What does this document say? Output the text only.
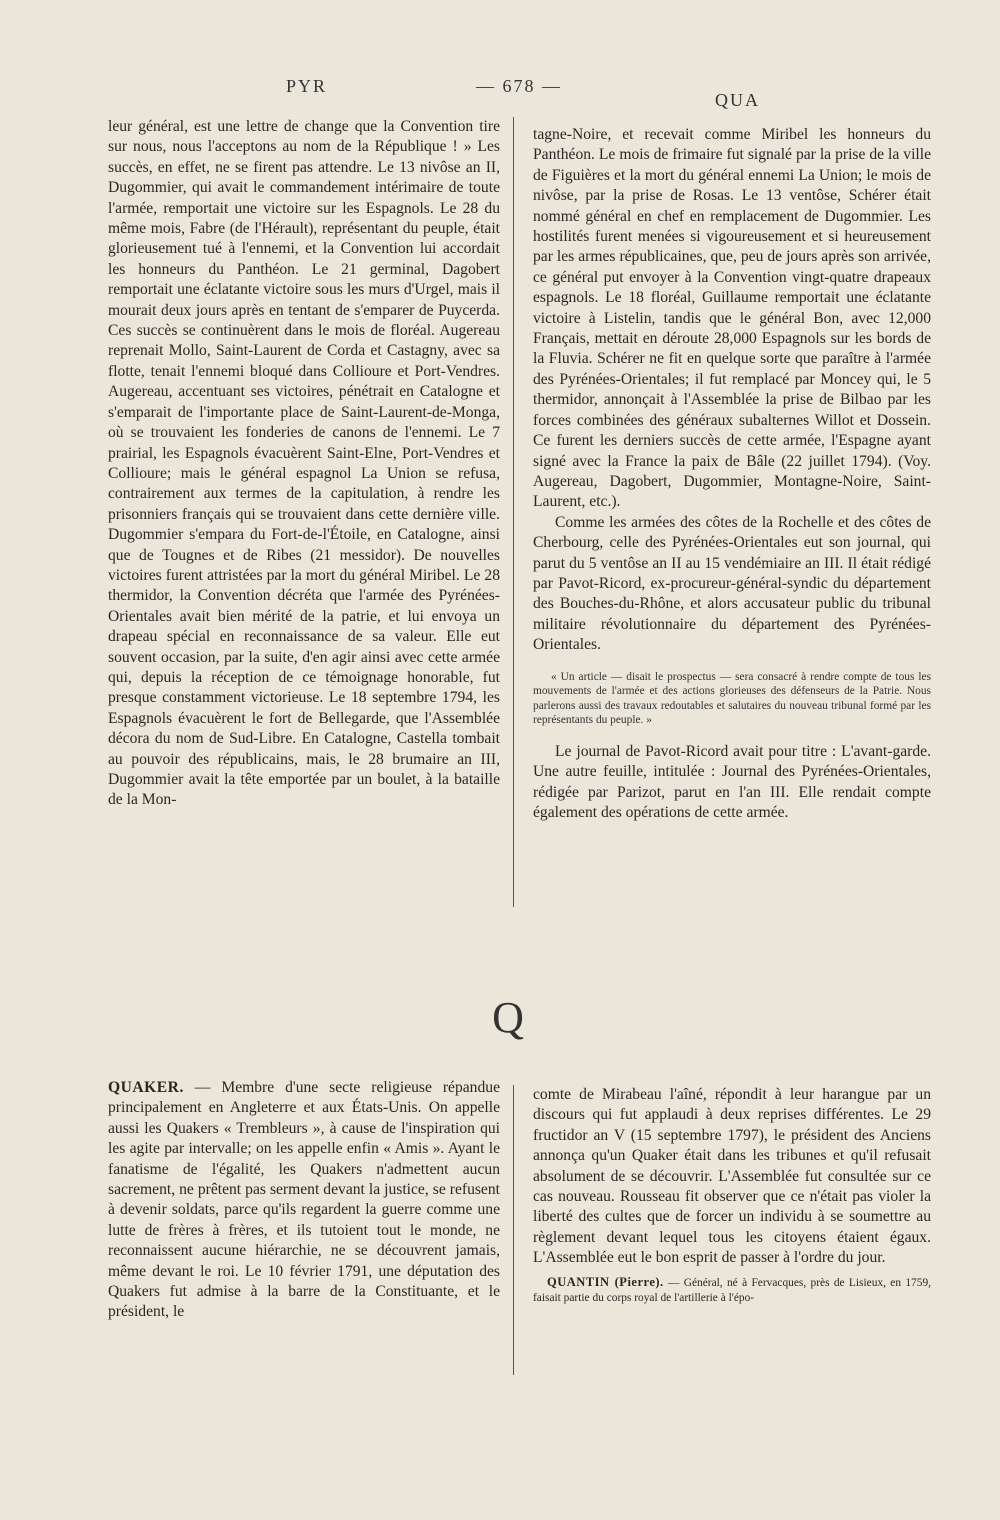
PYR	— 678 —
QUA

leur général, est une lettre de change que la Convention tire sur nous, nous l'acceptons au nom de la République ! » Les succès, en effet, ne se firent pas attendre. Le 13 nivôse an II, Dugommier, qui avait le commandement intérimaire de toute l'armée, remportait une victoire sur les Espagnols. Le 28 du même mois, Fabre (de l'Hérault), représentant du peuple, était glorieusement tué à l'ennemi, et la Convention lui accordait les honneurs du Panthéon. Le 21 germinal, Dagobert remportait une éclatante victoire sous les murs d'Urgel, mais il mourait deux jours après en tentant de s'emparer de Puycerda. Ces succès se continuèrent dans le mois de floréal. Augereau reprenait Mollo, Saint-Laurent de Corda et Castagny, avec sa flotte, tenait l'ennemi bloqué dans Collioure et Port-Vendres. Augereau, accentuant ses victoires, pénétrait en Catalogne et s'emparait de l'importante place de Saint-Laurent-de-Monga, où se trouvaient les fonderies de canons de l'ennemi. Le 7 prairial, les Espagnols évacuèrent Saint-Elne, Port-Vendres et Collioure; mais le général espagnol La Union se refusa, contrairement aux termes de la capitulation, à rendre les prisonniers français qui se trouvaient dans cette dernière ville. Dugommier s'empara du Fort-de-l'Étoile, en Catalogne, ainsi que de Tougnes et de Ribes (21 messidor). De nouvelles victoires furent attristées par la mort du général Miribel. Le 28 thermidor, la Convention décréta que l'armée des Pyrénées-Orientales avait bien mérité de la patrie, et lui envoya un drapeau spécial en reconnaissance de sa valeur. Elle eut souvent occasion, par la suite, d'en agir ainsi avec cette armée qui, depuis la réception de ce témoignage honorable, fut presque constamment victorieuse. Le 18 septembre 1794, les Espagnols évacuèrent le fort de Bellegarde, que l'Assemblée décora du nom de Sud-Libre. En Catalogne, Castella tombait au pouvoir des républicains, mais, le 28 brumaire an III, Dugommier avait la tête emportée par un boulet, à la bataille de la Mon-

tagne-Noire, et recevait comme Miribel les honneurs du Panthéon. Le mois de frimaire fut signalé par la prise de la ville de Figuières et la mort du général ennemi La Union; le mois de nivôse, par la prise de Rosas. Le 13 ventôse, Schérer était nommé général en chef en remplacement de Dugommier. Les hostilités furent menées si vigoureusement et si heureusement par les armes républicaines, que, peu de jours après son arrivée, ce général put envoyer à la Convention vingt-quatre drapeaux espagnols. Le 18 floréal, Guillaume remportait une éclatante victoire à Listelin, tandis que le général Bon, avec 12,000 Français, mettait en déroute 28,000 Espagnols sur les bords de la Fluvia. Schérer ne fit en quelque sorte que paraître à l'armée des Pyrénées-Orientales; il fut remplacé par Moncey qui, le 5 thermidor, annonçait à l'Assemblée la prise de Bilbao par les forces combinées des généraux subalternes Willot et Dossein. Ce furent les derniers succès de cette armée, l'Espagne ayant signé avec la France la paix de Bâle (22 juillet 1794). (Voy. Augereau, Dagobert, Dugommier, Montagne-Noire, Saint-Laurent, etc.).

Comme les armées des côtes de la Rochelle et des côtes de Cherbourg, celle des Pyrénées-Orientales eut son journal, qui parut du 5 ventôse an II au 15 vendémiaire an III. Il était rédigé par Pavot-Ricord, ex-procureur-général-syndic du département des Bouches-du-Rhône, et alors accusateur public du tribunal militaire révolutionnaire du département des Pyrénées-Orientales.

« Un article — disait le prospectus — sera consacré à rendre compte de tous les mouvements de l'armée et des actions glorieuses des défenseurs de la Patrie. Nous parlerons aussi des travaux redoutables et salutaires du nouveau tribunal formé par les représentants du peuple. »

Le journal de Pavot-Ricord avait pour titre : L'avant-garde. Une autre feuille, intitulée : Journal des Pyrénées-Orientales, rédigée par Parizot, parut en l'an III. Elle rendait compte également des opérations de cette armée.

Q

QUAKER. — Membre d'une secte religieuse répandue principalement en Angleterre et aux États-Unis. On appelle aussi les Quakers « Trembleurs », à cause de l'inspiration qui les agite par intervalle; on les appelle enfin « Amis ». Ayant le fanatisme de l'égalité, les Quakers n'admettent aucun sacrement, ne prêtent pas serment devant la justice, se refusent à devenir soldats, parce qu'ils regardent la guerre comme une lutte de frères à frères, et ils tutoient tout le monde, ne reconnaissent aucune hiérarchie, ne se découvrent jamais, même devant le roi. Le 10 février 1791, une députation des Quakers fut admise à la barre de la Constituante, et le président, le

comte de Mirabeau l'aîné, répondit à leur harangue par un discours qui fut applaudi à deux reprises différentes. Le 29 fructidor an V (15 septembre 1797), le président des Anciens annonça qu'un Quaker était dans les tribunes et qu'il refusait absolument de se découvrir. L'Assemblée fut consultée sur ce cas nouveau. Rousseau fit observer que ce n'était pas violer la liberté des cultes que de forcer un individu à se soumettre au règlement devant lequel tous les citoyens étaient égaux. L'Assemblée eut le bon esprit de passer à l'ordre du jour.

QUANTIN (Pierre). — Général, né à Fervacques, près de Lisieux, en 1759, faisait partie du corps royal de l'artillerie à l'épo-
